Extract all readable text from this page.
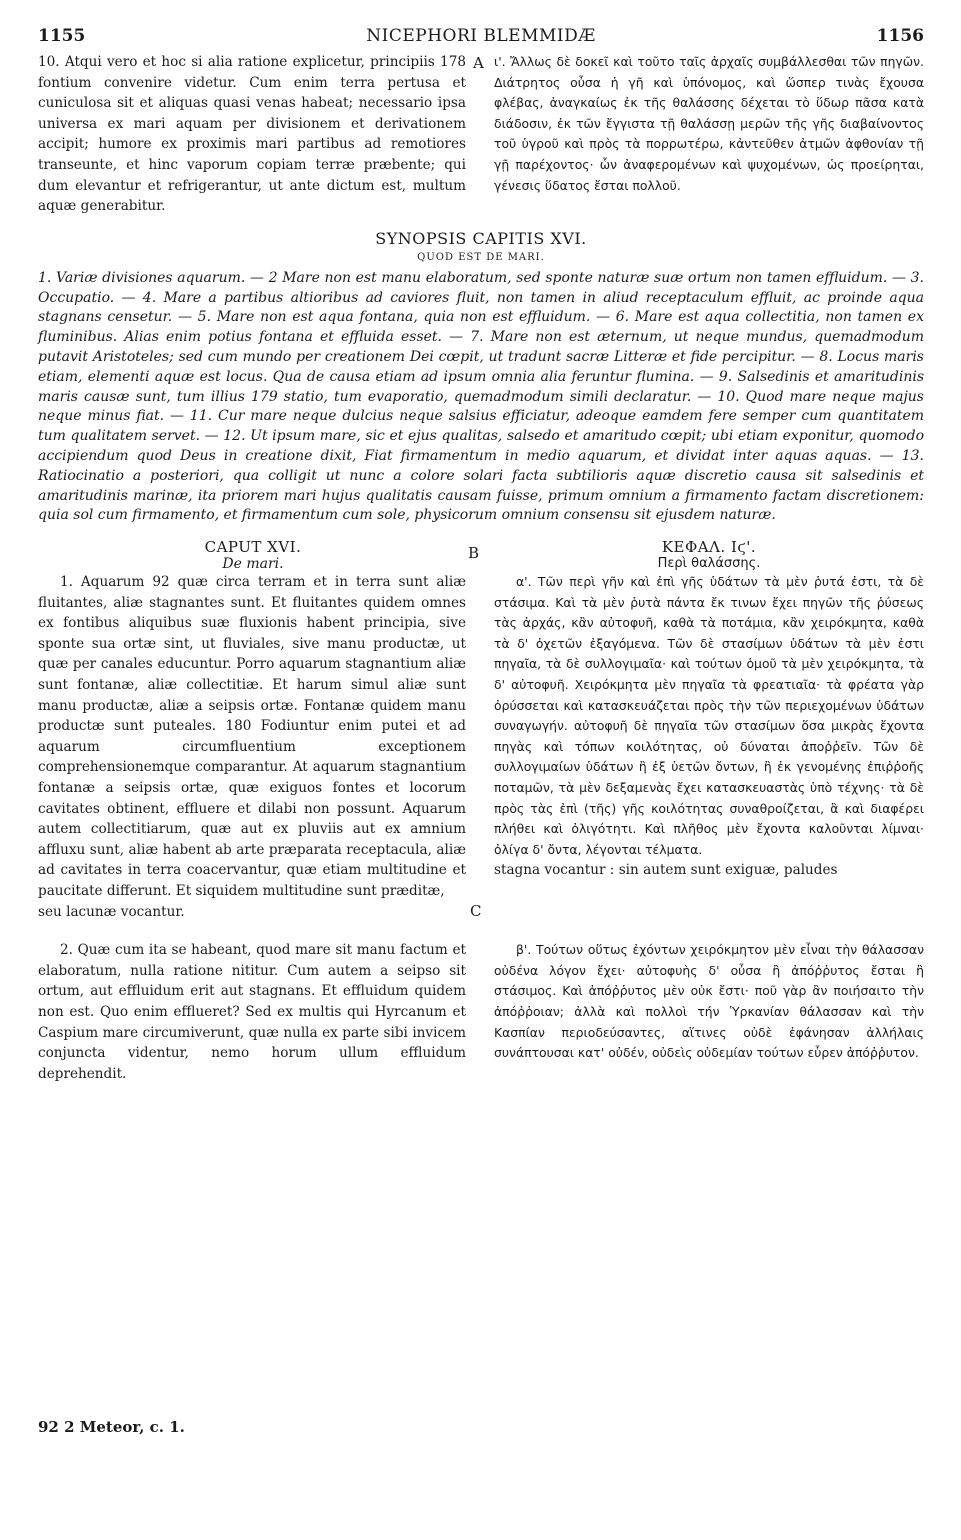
1155	NICEPHORI BLEMMIDÆ	1156
A

10. Atqui vero et hoc si alia ratione explicetur, principiis 178 fontium convenire videtur. Cum enim terra pertusa et cuniculosa sit et aliquas quasi venas habeat; necessario ipsa universa ex mari aquam per divisionem et derivationem accipit; humore ex proximis mari partibus ad remotiores transeunte, et hinc vaporum copiam terræ præbente; qui dum elevantur et refrigerantur, ut ante dictum est, multum aquæ generabitur.

ι'. Ἄλλως δὲ δοκεῖ καὶ τοῦτο ταῖς ἀρχαῖς συμβάλλεσθαι τῶν πηγῶν. Διάτρητος οὖσα ἡ γῆ καὶ ὑπόνομος, καὶ ὥσπερ τινὰς ἔχουσα φλέβας, ἀναγκαίως ἐκ τῆς θαλάσσης δέχεται τὸ ὕδωρ πᾶσα κατὰ διάδοσιν, ἐκ τῶν ἔγγιστα τῇ θαλάσσῃ μερῶν τῆς γῆς διαβαίνοντος τοῦ ὑγροῦ καὶ πρὸς τὰ πορρωτέρω, κἀντεῦθεν ἀτμῶν ἀφθονίαν τῇ γῇ παρέχοντος· ὧν ἀναφερομένων καὶ ψυχομένων, ὡς προείρηται, γένεσις ὕδατος ἔσται πολλοῦ.

SYNOPSIS CAPITIS XVI.

QUOD EST DE MARI.

1. Variæ divisiones aquarum. — 2 Mare non est manu elaboratum, sed sponte naturæ suæ ortum non tamen effluidum. — 3. Occupatio. — 4. Mare a partibus altioribus ad caviores fluit, non tamen in aliud receptaculum effluit, ac proinde aqua stagnans censetur. — 5. Mare non est aqua fontana, quia non est effluidum. — 6. Mare est aqua collectitia, non tamen ex fluminibus. Alias enim potius fontana et effluida esset. — 7. Mare non est æternum, ut neque mundus, quemadmodum putavit Aristoteles; sed cum mundo per creationem Dei cœpit, ut tradunt sacræ Litteræ et fide percipitur. — 8. Locus maris etiam, elementi aquæ est locus. Qua de causa etiam ad ipsum omnia alia feruntur flumina. — 9. Salsedinis et amaritudinis maris causæ sunt, tum illius 179 statio, tum evaporatio, quemadmodum simili declaratur. — 10. Quod mare neque majus neque minus fiat. — 11. Cur mare neque dulcius neque salsius efficiatur, adeoque eamdem fere semper cum quantitatem tum qualitatem servet. — 12. Ut ipsum mare, sic et ejus qualitas, salsedo et amaritudo cœpit; ubi etiam exponitur, quomodo accipiendum quod Deus in creatione dixit, Fiat firmamentum in medio aquarum, et dividat inter aquas aquas. — 13. Ratiocinatio a posteriori, qua colligit ut nunc a colore solari facta subtilioris aquæ discretio causa sit salsedinis et amaritudinis marinæ, ita priorem mari hujus qualitatis causam fuisse, primum omnium a firmamento factam discretionem: quia sol cum firmamento, et firmamentum cum sole, physicorum omnium consensu sit ejusdem naturæ.

B

CAPUT XVI.

De mari.

ΚΕΦΑΛ. Ιϛ'.

Περὶ θαλάσσης.

C

1. Aquarum 92 quæ circa terram et in terra sunt aliæ fluitantes, aliæ stagnantes sunt. Et fluitantes quidem omnes ex fontibus aliquibus suæ fluxionis habent principia, sive sponte sua ortæ sint, ut fluviales, sive manu productæ, ut quæ per canales educuntur. Porro aquarum stagnantium aliæ sunt fontanæ, aliæ collectitiæ. Et harum simul aliæ sunt manu productæ, aliæ a seipsis ortæ. Fontanæ quidem manu productæ sunt puteales. 180 Fodiuntur enim putei et ad aquarum circumfluentium exceptionem comprehensionemque comparantur. At aquarum stagnantium fontanæ a seipsis ortæ, quæ exiguos fontes et locorum cavitates obtinent, effluere et dilabi non possunt. Aquarum autem collectitiarum, quæ aut ex pluviis aut ex amnium affluxu sunt, aliæ habent ab arte præparata receptacula, aliæ ad cavitates in terra coacervantur, quæ etiam multitudine et paucitate differunt. Et siquidem multitudine sunt præditæ,

seu lacunæ vocantur.

α'. Τῶν περὶ γῆν καὶ ἐπὶ γῆς ὑδάτων τὰ μὲν ῥυτά ἐστι, τὰ δὲ στάσιμα. Καὶ τὰ μὲν ῥυτὰ πάντα ἔκ τινων ἔχει πηγῶν τῆς ῥύσεως τὰς ἀρχάς, κἂν αὐτοφυῆ, καθὰ τὰ ποτάμια, κἂν χειρόκμητα, καθὰ τὰ δ' ὀχετῶν ἐξαγόμενα. Τῶν δὲ στασίμων ὑδάτων τὰ μὲν ἐστι πηγαῖα, τὰ δὲ συλλογιμαῖα· καὶ τούτων ὁμοῦ τὰ μὲν χειρόκμητα, τὰ δ' αὐτοφυῆ. Χειρόκμητα μὲν πηγαῖα τὰ φρεατιαῖα· τὰ φρέατα γὰρ ὀρύσσεται καὶ κατασκευάζεται πρὸς τὴν τῶν περιεχομένων ὑδάτων συναγωγήν. αὐτοφυῆ δὲ πηγαῖα τῶν στασίμων ὅσα μικρὰς ἔχοντα πηγὰς καὶ τόπων κοιλότητας, οὐ δύναται ἀποῤῥεῖν. Τῶν δὲ συλλογιμαίων ὑδάτων ἢ ἐξ ὑετῶν ὄντων, ἢ ἐκ γενομένης ἐπιῤῥοῆς ποταμῶν, τὰ μὲν δεξαμενὰς ἔχει κατασκευαστὰς ὑπὸ τέχνης· τὰ δὲ πρὸς τὰς ἐπὶ (τῆς) γῆς κοιλότητας συναθροίζεται, ἃ καὶ διαφέρει πλήθει καὶ ὀλιγότητι. Καὶ πλῆθος μὲν ἔχοντα καλοῦνται λίμναι· ὀλίγα δ' ὄντα, λέγονται τέλματα.

stagna vocantur : sin autem sunt exiguæ, paludes

2. Quæ cum ita se habeant, quod mare sit manu factum et elaboratum, nulla ratione nititur. Cum autem a seipso sit ortum, aut effluidum erit aut stagnans. Et effluidum quidem non est. Quo enim efflueret? Sed ex multis qui Hyrcanum et Caspium mare circumiverunt, quæ nulla ex parte sibi invicem conjuncta videntur, nemo horum ullum effluidum deprehendit.

β'. Τούτων οὕτως ἐχόντων χειρόκμητον μὲν εἶναι τὴν θάλασσαν οὐδένα λόγον ἔχει· αὐτοφυὴς δ' οὖσα ἢ ἀπόῤῥυτος ἔσται ἢ στάσιμος. Καὶ ἀπόῤῥυτος μὲν οὐκ ἔστι· ποῦ γὰρ ἂν ποιήσαιτο τὴν ἀπόῤῥοιαν; ἀλλὰ καὶ πολλοὶ τήν Ὑρκανίαν θάλασσαν καὶ τὴν Κασπίαν περιοδεύσαντες, αἵτινες οὐδὲ ἐφάνησαν ἀλλήλαις συνάπτουσαι κατ' οὐδέν, οὐδεὶς οὐδεμίαν τούτων εὗρεν ἀπόῤῥυτον.

92 2 Meteor, c. 1.
